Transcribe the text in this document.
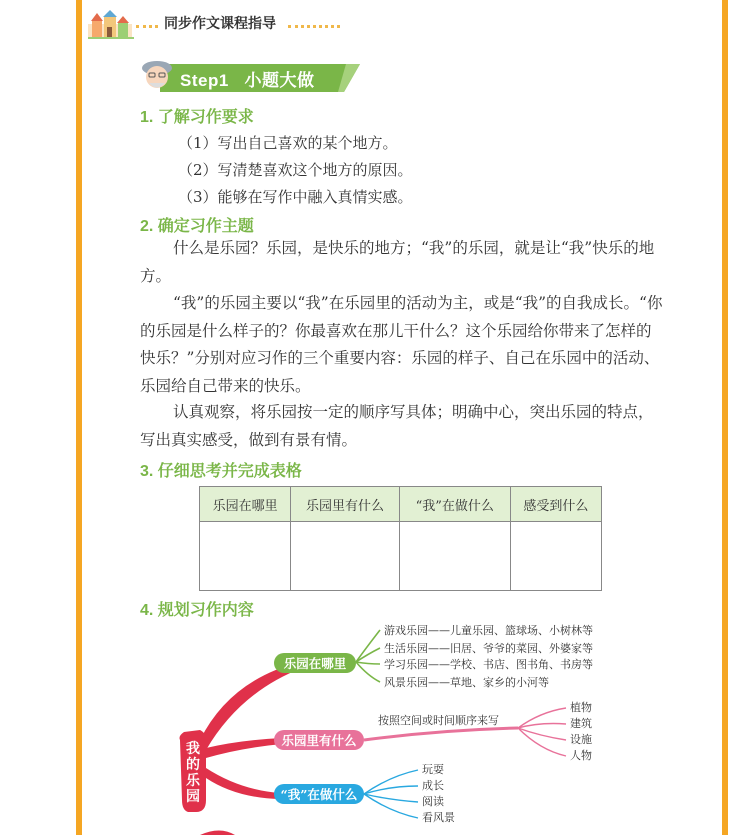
同步作文课程指导
Step1   小题大做
1. 了解习作要求
（1）写出自己喜欢的某个地方。
（2）写清楚喜欢这个地方的原因。
（3）能够在写作中融入真情实感。
2. 确定习作主题
什么是乐园？乐园，是快乐的地方；“我”的乐园，就是让“我”快乐的地方。
“我”的乐园主要以“我”在乐园里的活动为主，或是“我”的自我成长。“你的乐园是什么样子的？你最喜欢在那儿干什么？这个乐园给你带来了怎样的快乐？”分别对应习作的三个重要内容：乐园的样子、自己在乐园中的活动、乐园给自己带来的快乐。
认真观察，将乐园按一定的顺序写具体；明确中心，突出乐园的特点，写出真实感受，做到有景有情。
3. 仔细思考并完成表格
乐园在哪里	乐园里有什么	“我”在做什么	感受到什么

4. 规划习作内容
我的乐园
乐园在哪里
游戏乐园——儿童乐园、篮球场、小树林等
生活乐园——旧居、爷爷的菜园、外婆家等
学习乐园——学校、书店、图书角、书房等
风景乐园——草地、家乡的小河等
乐园里有什么
按照空间或时间顺序来写
植物
建筑
设施
人物
“我”在做什么
玩耍
成长
阅读
看风景
